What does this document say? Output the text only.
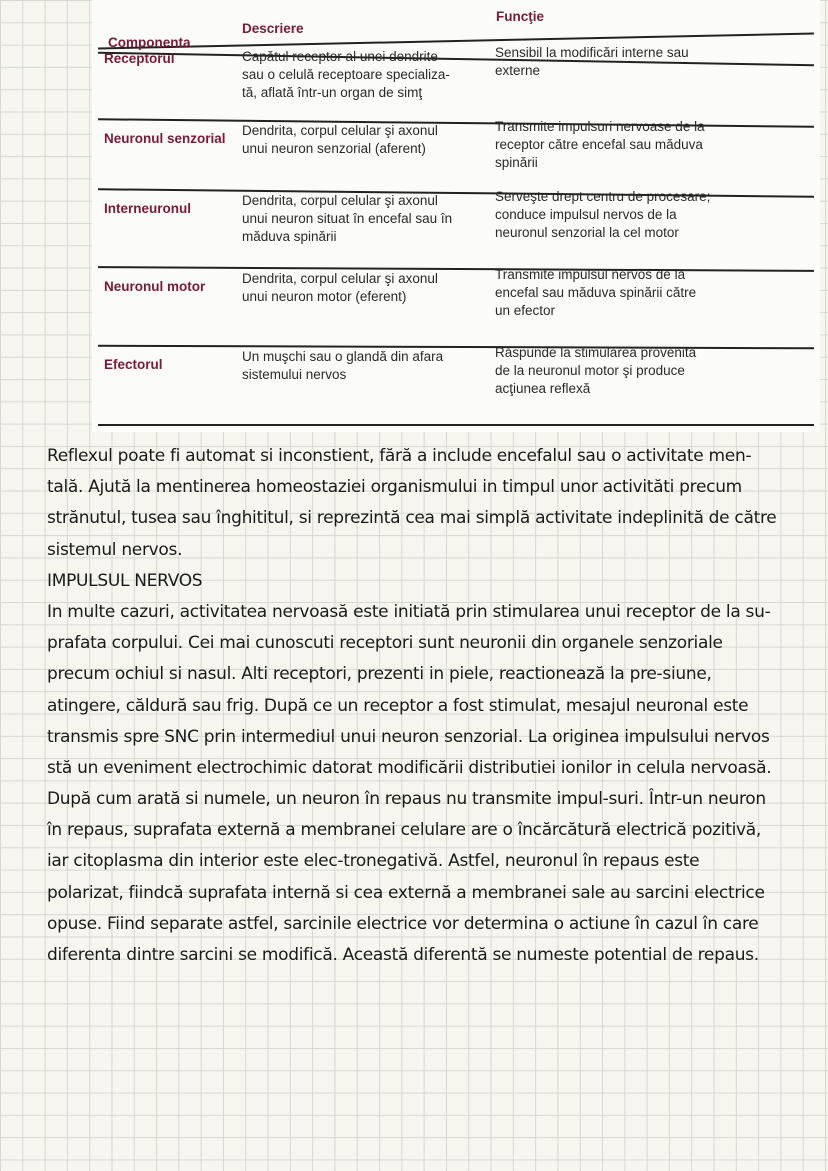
Componenta
Descriere
Funcţie
Receptorul	Capătul receptor al unei dendrite
sau o celulă receptoare specializa-
tă, aflată într-un organ de simţ
Sensibil la modificări interne sau
externe
Neuronul senzorial
Dendrita, corpul celular şi axonul
unui neuron senzorial (aferent)
Transmite impulsuri nervoase de la
receptor către encefal sau măduva
spinării
Interneuronul
Dendrita, corpul celular şi axonul
unui neuron situat în encefal sau în
măduva spinării
Serveşte drept centru de procesare;
conduce impulsul nervos de la
neuronul senzorial la cel motor
Neuronul motor
Dendrita, corpul celular şi axonul
unui neuron motor (eferent)
Transmite impulsul nervos de la
encefal sau măduva spinării către
un efector
Efectorul
Un muşchi sau o glandă din afara
sistemului nervos
Răspunde la stimularea provenită
de la neuronul motor şi produce
acţiunea reflexă
Reflexul poate fi automat si inconstient, fără a include encefalul sau o activitate men-
tală. Ajută la mentinerea homeostaziei organismului in timpul unor activităti precum
strănutul, tusea sau înghititul, si reprezintă cea mai simplă activitate indeplinită de către
sistemul nervos.
IMPULSUL NERVOS
In multe cazuri, activitatea nervoasă este initiată prin stimularea unui receptor de la su-
prafata corpului. Cei mai cunoscuti receptori sunt neuronii din organele senzoriale
precum ochiul si nasul. Alti receptori, prezenti in piele, reactionează la pre-siune,
atingere, căldură sau frig. După ce un receptor a fost stimulat, mesajul neuronal este
transmis spre SNC prin intermediul unui neuron senzorial. La originea impulsului nervos
stă un eveniment electrochimic datorat modificării distributiei ionilor in celula nervoasă.
După cum arată si numele, un neuron în repaus nu transmite impul-suri. Într-un neuron
în repaus, suprafata externă a membranei celulare are o încărcătură electrică pozitivă,
iar citoplasma din interior este elec-tronegativă. Astfel, neuronul în repaus este
polarizat, fiindcă suprafata internă si cea externă a membranei sale au sarcini electrice
opuse. Fiind separate astfel, sarcinile electrice vor determina o actiune în cazul în care
diferenta dintre sarcini se modifică. Această diferentă se numeste potential de repaus.
